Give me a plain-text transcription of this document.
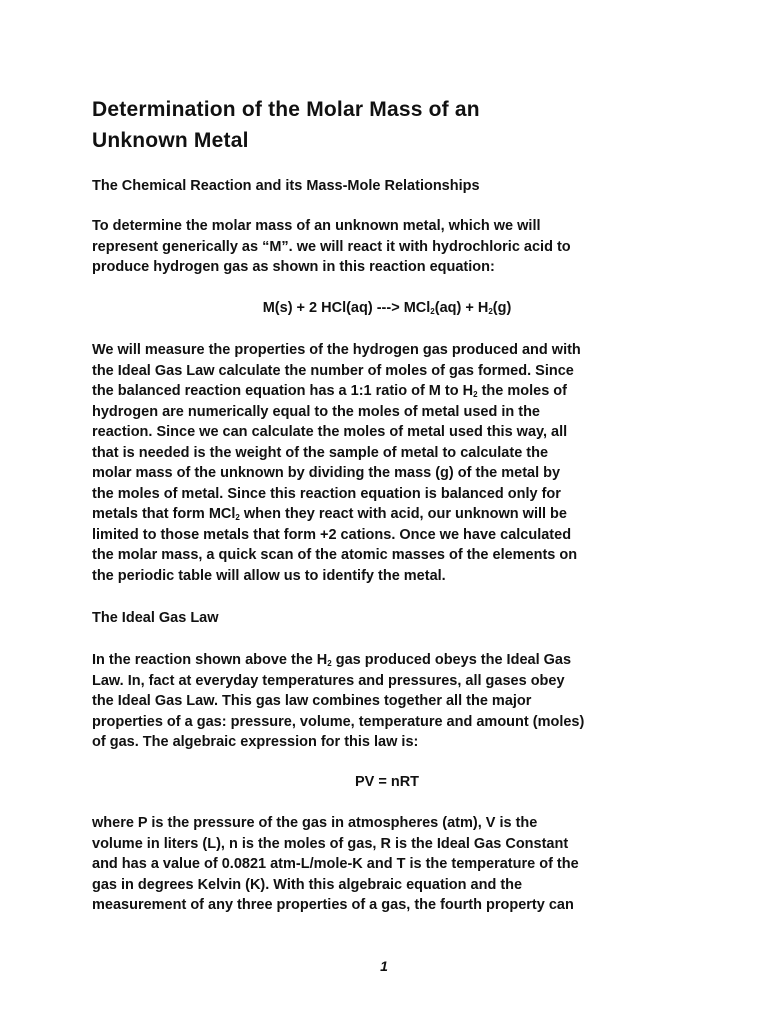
Determination of the Molar Mass of an
Unknown Metal
The Chemical Reaction and its Mass-Mole Relationships
To determine the molar mass of an unknown metal, which we will
represent generically as “M”. we will react it with hydrochloric acid to
produce hydrogen gas as shown in this reaction equation:

M(s) + 2 HCl(aq) ---> $MCl_2(aq) + H_2(g)$

We will measure the properties of the hydrogen gas produced and with
the Ideal Gas Law calculate the number of moles of gas formed. Since
the balanced reaction equation has a 1:1 ratio of M to $H_2$ the moles of
hydrogen are numerically equal to the moles of metal used in the
reaction. Since we can calculate the moles of metal used this way, all
that is needed is the weight of the sample of metal to calculate the
molar mass of the unknown by dividing the mass (g) of the metal by
the moles of metal. Since this reaction equation is balanced only for
metals that form MCl$_2$ when they react with acid, our unknown will be
limited to those metals that form +2 cations. Once we have calculated
the molar mass, a quick scan of the atomic masses of the elements on
the periodic table will allow us to identify the metal.
The Ideal Gas Law
In the reaction shown above the $H_2$ gas produced obeys the Ideal Gas
Law. In, fact at everyday temperatures and pressures, all gases obey
the Ideal Gas Law. This gas law combines together all the major
properties of a gas: pressure, volume, temperature and amount (moles)
of gas. The algebraic expression for this law is:

PV = nRT

where P is the pressure of the gas in atmospheres (atm), V is the
volume in liters (L), n is the moles of gas, R is the Ideal Gas Constant
and has a value of 0.0821 atm-L/mole-K and T is the temperature of the
gas in degrees Kelvin (K). With this algebraic equation and the
measurement of any three properties of a gas, the fourth property can
1
